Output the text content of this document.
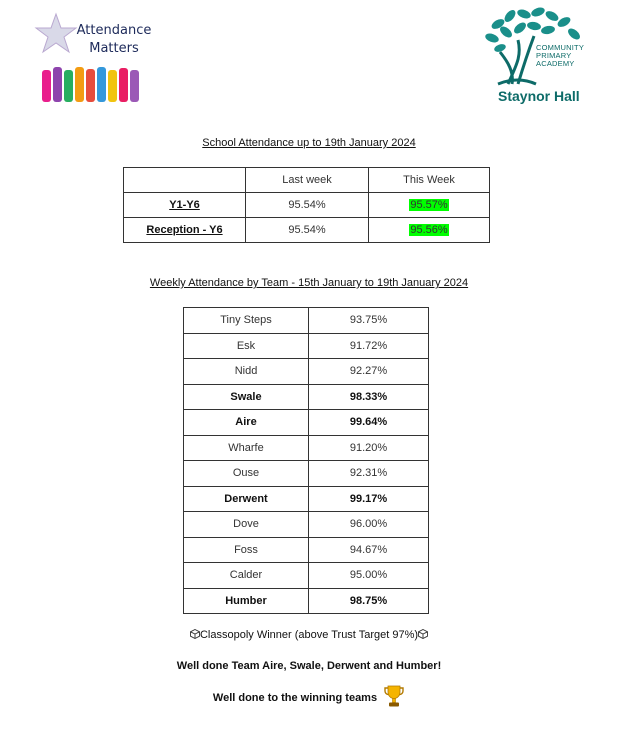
Attendance Matters	COMMUNITY PRIMARY ACADEMY
Staynor Hall
School Attendance up to 19th January 2024
	Last week	This Week
Y1-Y6	95.54%	95.57%
Reception - Y6	95.54%	95.56%
Weekly Attendance by Team - 15th January to 19th January 2024
Tiny Steps	93.75%
Esk	91.72%
Nidd	92.27%
Swale	98.33%
Aire	99.64%
Wharfe	91.20%
Ouse	92.31%
Derwent	99.17%
Dove	96.00%
Foss	94.67%
Calder	95.00%
Humber	98.75%
Classopoly Winner (above Trust Target 97%)
Well done Team Aire, Swale, Derwent and Humber!
Well done to the winning teams
